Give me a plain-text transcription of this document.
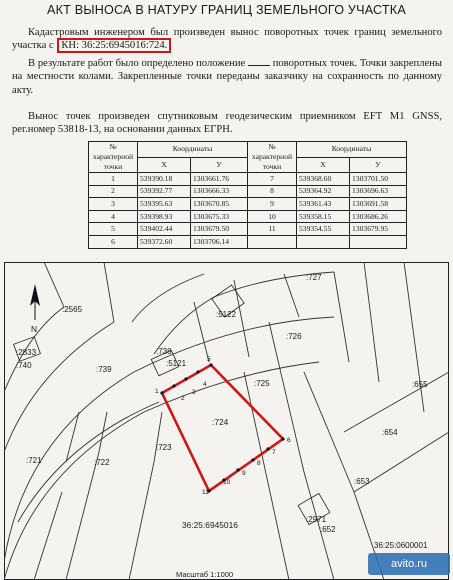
АКТ ВЫНОСА В НАТУРУ ГРАНИЦ ЗЕМЕЛЬНОГО УЧАСТКА
Кадастровым инженером был произведен вынос поворотных точек границ земельного участка с КН: 36:25:6945016:724.
В результате работ было определено положение  поворотных точек. Точки закреплены на местности колами. Закрепленные точки переданы заказчику на сохранность по данному акту.
Вынос точек произведен спутниковым геодезическим приемником EFT M1 GNSS, рег.номер 53818-13, на основании данных ЕГРН.
№ характерной точки	Координаты		№ характерной точки	Координаты	
	X	У		X	У
1	539390.18	1303661.76	7	539368.60	1303701.50
2	539392.77	1303666.33	8	539364.92	1303696.63
3	539395.63	1303670.85	9	539361.43	1303691.58
4	539398.93	1303675.33	10	539358.15	1303686.26
5	539402.44	1303679.50	11	539354.55	1303679.95
6	539372.60	1303706.14			
N
1
2
3
4
5
6
7
8
9
10
11
:2565
:2833
:740	:739
:738
:5121
:727
:5122
:726
:725
:724
:723
:722
:721
:655
:654
:653
:2971
:652
36:25:6945016
36:25:0600001
Масштаб 1:1000
avito.ru
